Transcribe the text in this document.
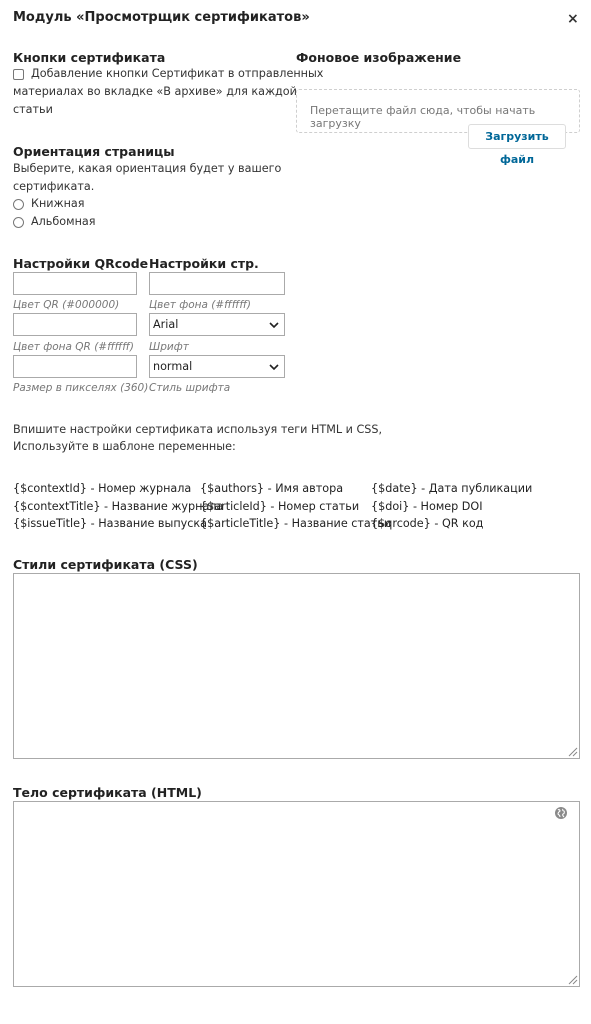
Модуль «Просмотрщик сертификатов»	×
Кнопки сертификата
Добавление кнопки Сертификат в отправленных
материалах во вкладке «В архиве» для каждой
статьи
Фоновое изображение
Перетащите файл сюда, чтобы начать загрузку
Загрузить файл
Ориентация страницы
Выберите, какая ориентация будет у вашего
сертификата.
Книжная
Альбомная
Настройки QRcode
Цвет QR (#000000)
Цвет фона QR (#ffffff)
Размер в пикселях (360)
Настройки стр.
Цвет фона (#ffffff)
Arial
Шрифт
normal
Стиль шрифта
Впишите настройки сертификата используя теги HTML и CSS,
Используйте в шаблоне переменные:
{$contextId} - Номер журнала
{$contextTitle} - Название журнала
{$issueTitle} - Название выпуска
{$authors} - Имя автора
{$articleId} - Номер статьи
{$articleTitle} - Название статьи
{$date} - Дата публикации
{$doi} - Номер DOI
{$qrcode} - QR код
Стили сертификата (CSS)
Тело сертификата (HTML)
